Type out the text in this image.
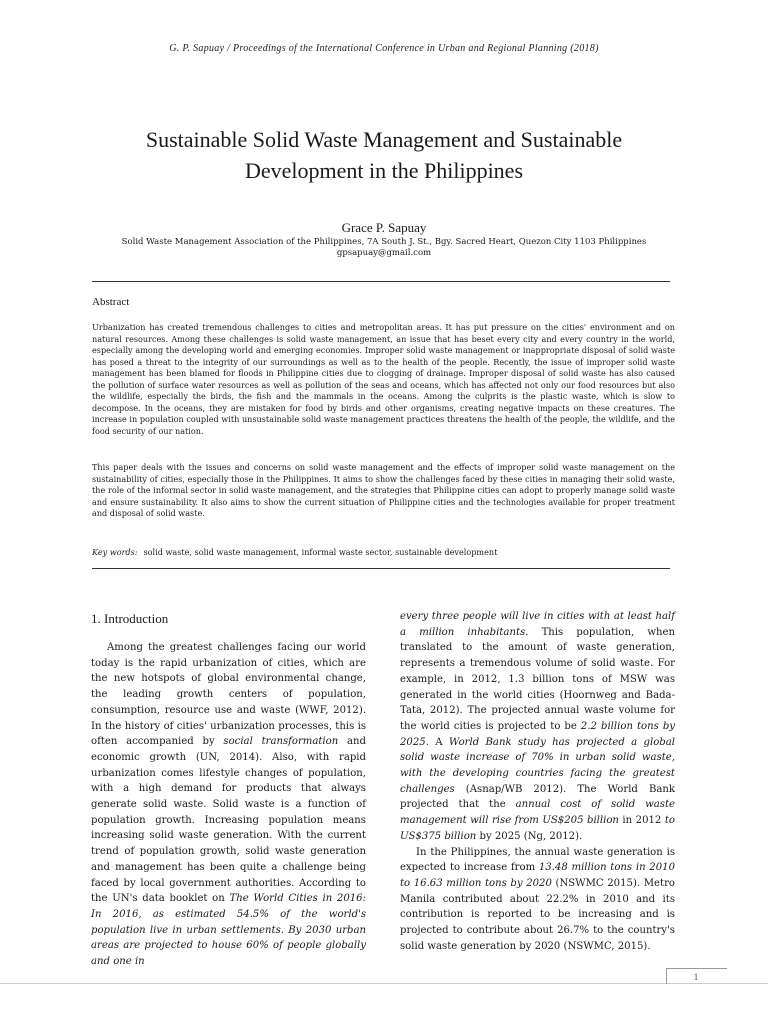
G. P. Sapuay / Proceedings of the International Conference in Urban and Regional Planning (2018)
Sustainable Solid Waste Management and Sustainable
Development in the Philippines
Grace P. Sapuay
Solid Waste Management Association of the Philippines, 7A South J. St., Bgy. Sacred Heart, Quezon City 1103 Philippines
gpsapuay@gmail.com
Abstract

Urbanization has created tremendous challenges to cities and metropolitan areas. It has put pressure on the cities' environment and on natural resources. Among these challenges is solid waste management, an issue that has beset every city and every country in the world, especially among the developing world and emerging economies. Improper solid waste management or inappropriate disposal of solid waste has posed a threat to the integrity of our surroundings as well as to the health of the people. Recently, the issue of improper solid waste management has been blamed for floods in Philippine cities due to clogging of drainage. Improper disposal of solid waste has also caused the pollution of surface water resources as well as pollution of the seas and oceans, which has affected not only our food resources but also the wildlife, especially the birds, the fish and the mammals in the oceans. Among the culprits is the plastic waste, which is slow to decompose. In the oceans, they are mistaken for food by birds and other organisms, creating negative impacts on these creatures. The increase in population coupled with unsustainable solid waste management practices threatens the health of the people, the wildlife, and the food security of our nation.

This paper deals with the issues and concerns on solid waste management and the effects of improper solid waste management on the sustainability of cities, especially those in the Philippines. It aims to show the challenges faced by these cities in managing their solid waste, the role of the informal sector in solid waste management, and the strategies that Philippine cities can adopt to properly manage solid waste and ensure sustainability. It also aims to show the current situation of Philippine cities and the technologies available for proper treatment and disposal of solid waste.

Key words: solid waste, solid waste management, informal waste sector, sustainable development
1. Introduction

Among the greatest challenges facing our world today is the rapid urbanization of cities, which are the new hotspots of global environmental change, the leading growth centers of population, consumption, resource use and waste (WWF, 2012). In the history of cities' urbanization processes, this is often accompanied by social transformation and economic growth (UN, 2014). Also, with rapid urbanization comes lifestyle changes of population, with a high demand for products that always generate solid waste. Solid waste is a function of population growth. Increasing population means increasing solid waste generation. With the current trend of population growth, solid waste generation and management has been quite a challenge being faced by local government authorities. According to the UN's data booklet on The World Cities in 2016: In 2016, as estimated 54.5% of the world's population live in urban settlements. By 2030 urban areas are projected to house 60% of people globally and one in

every three people will live in cities with at least half a million inhabitants. This population, when translated to the amount of waste generation, represents a tremendous volume of solid waste. For example, in 2012, 1.3 billion tons of MSW was generated in the world cities (Hoornweg and Bada-Tata, 2012). The projected annual waste volume for the world cities is projected to be 2.2 billion tons by 2025. A World Bank study has projected a global solid waste increase of 70% in urban solid waste, with the developing countries facing the greatest challenges (Asnap/WB 2012). The World Bank projected that the annual cost of solid waste management will rise from US$205 billion in 2012 to US$375 billion by 2025 (Ng, 2012).

In the Philippines, the annual waste generation is expected to increase from 13.48 million tons in 2010 to 16.63 million tons by 2020 (NSWMC 2015). Metro Manila contributed about 22.2% in 2010 and its contribution is reported to be increasing and is projected to contribute about 26.7% to the country's solid waste generation by 2020 (NSWMC, 2015).

1
